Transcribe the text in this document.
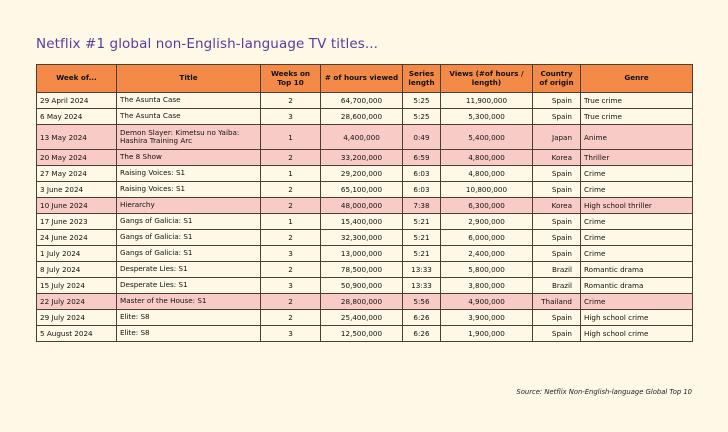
Netflix #1 global non-English-language TV titles...
Week of...	Title	Weeks on Top 10	# of hours viewed	Series length	Views (#of hours / length)	Country of origin	Genre
29 April 2024	The Asunta Case	2	64,700,000	5:25	11,900,000	Spain	True crime
6 May 2024	The Asunta Case	3	28,600,000	5:25	5,300,000	Spain	True crime
13 May 2024	Demon Slayer: Kimetsu no Yaiba: Hashira Training Arc	1	4,400,000	0:49	5,400,000	Japan	Anime
20 May 2024	The 8 Show	2	33,200,000	6:59	4,800,000	Korea	Thriller
27 May 2024	Raising Voices: S1	1	29,200,000	6:03	4,800,000	Spain	Crime
3 June 2024	Raising Voices: S1	2	65,100,000	6:03	10,800,000	Spain	Crime
10 June 2024	Hierarchy	2	48,000,000	7:38	6,300,000	Korea	High school thriller
17 June 2023	Gangs of Galicia: S1	1	15,400,000	5:21	2,900,000	Spain	Crime
24 June 2024	Gangs of Galicia: S1	2	32,300,000	5:21	6,000,000	Spain	Crime
1 July 2024	Gangs of Galicia: S1	3	13,000,000	5:21	2,400,000	Spain	Crime
8 July 2024	Desperate Lies: S1	2	78,500,000	13:33	5,800,000	Brazil	Romantic drama
15 July 2024	Desperate Lies: S1	3	50,900,000	13:33	3,800,000	Brazil	Romantic drama
22 July 2024	Master of the House: S1	2	28,800,000	5:56	4,900,000	Thailand	Crime
29 July 2024	Elite: S8	2	25,400,000	6:26	3,900,000	Spain	High school crime
5 August 2024	Elite: S8	3	12,500,000	6:26	1,900,000	Spain	High school crime
Source: Netflix Non-English-language Global Top 10
